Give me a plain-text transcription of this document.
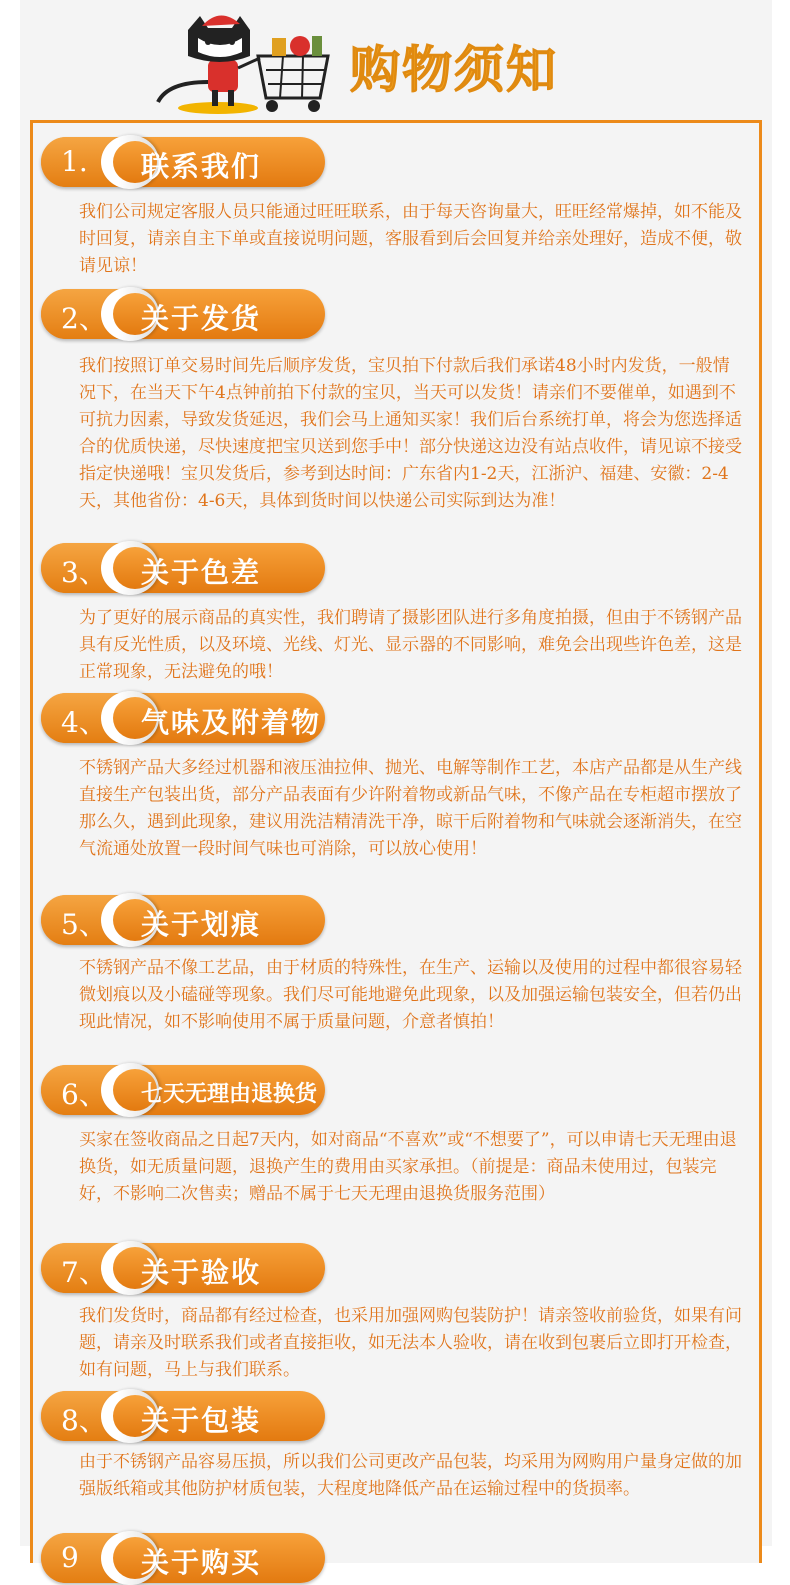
购物须知
1. 联系我们
我们公司规定客服人员只能通过旺旺联系，由于每天咨询量大，旺旺经常爆掉，如不能及时回复，请亲自主下单或直接说明问题，客服看到后会回复并给亲处理好，造成不便，敬请见谅！
2、 关于发货
我们按照订单交易时间先后顺序发货，宝贝拍下付款后我们承诺48小时内发货，一般情况下，在当天下午4点钟前拍下付款的宝贝，当天可以发货！请亲们不要催单，如遇到不可抗力因素，导致发货延迟，我们会马上通知买家！我们后台系统打单，将会为您选择适合的优质快递，尽快速度把宝贝送到您手中！部分快递这边没有站点收件，请见谅不接受指定快递哦！宝贝发货后，参考到达时间：广东省内1-2天，江浙沪、福建、安徽：2-4天，其他省份：4-6天，具体到货时间以快递公司实际到达为准！
3、 关于色差
为了更好的展示商品的真实性，我们聘请了摄影团队进行多角度拍摄，但由于不锈钢产品具有反光性质，以及环境、光线、灯光、显示器的不同影响，难免会出现些许色差，这是正常现象，无法避免的哦！
4、 气味及附着物
不锈钢产品大多经过机器和液压油拉伸、抛光、电解等制作工艺，本店产品都是从生产线直接生产包装出货，部分产品表面有少许附着物或新品气味，不像产品在专柜超市摆放了那么久，遇到此现象，建议用洗洁精清洗干净，晾干后附着物和气味就会逐渐消失，在空气流通处放置一段时间气味也可消除，可以放心使用！
5、 关于划痕
不锈钢产品不像工艺品，由于材质的特殊性，在生产、运输以及使用的过程中都很容易轻微划痕以及小磕碰等现象。我们尽可能地避免此现象，以及加强运输包装安全，但若仍出现此情况，如不影响使用不属于质量问题，介意者慎拍！
6、 七天无理由退换货
买家在签收商品之日起7天内，如对商品“不喜欢”或“不想要了”，可以申请七天无理由退换货，如无质量问题，退换产生的费用由买家承担。（前提是：商品未使用过，包装完好，不影响二次售卖；赠品不属于七天无理由退换货服务范围）
7、 关于验收
我们发货时，商品都有经过检查，也采用加强网购包装防护！请亲签收前验货，如果有问题，请亲及时联系我们或者直接拒收，如无法本人验收，请在收到包裹后立即打开检查，如有问题，马上与我们联系。
8、 关于包装
由于不锈钢产品容易压损，所以我们公司更改产品包装，均采用为网购用户量身定做的加强版纸箱或其他防护材质包装，大程度地降低产品在运输过程中的货损率。
9 关于购买
